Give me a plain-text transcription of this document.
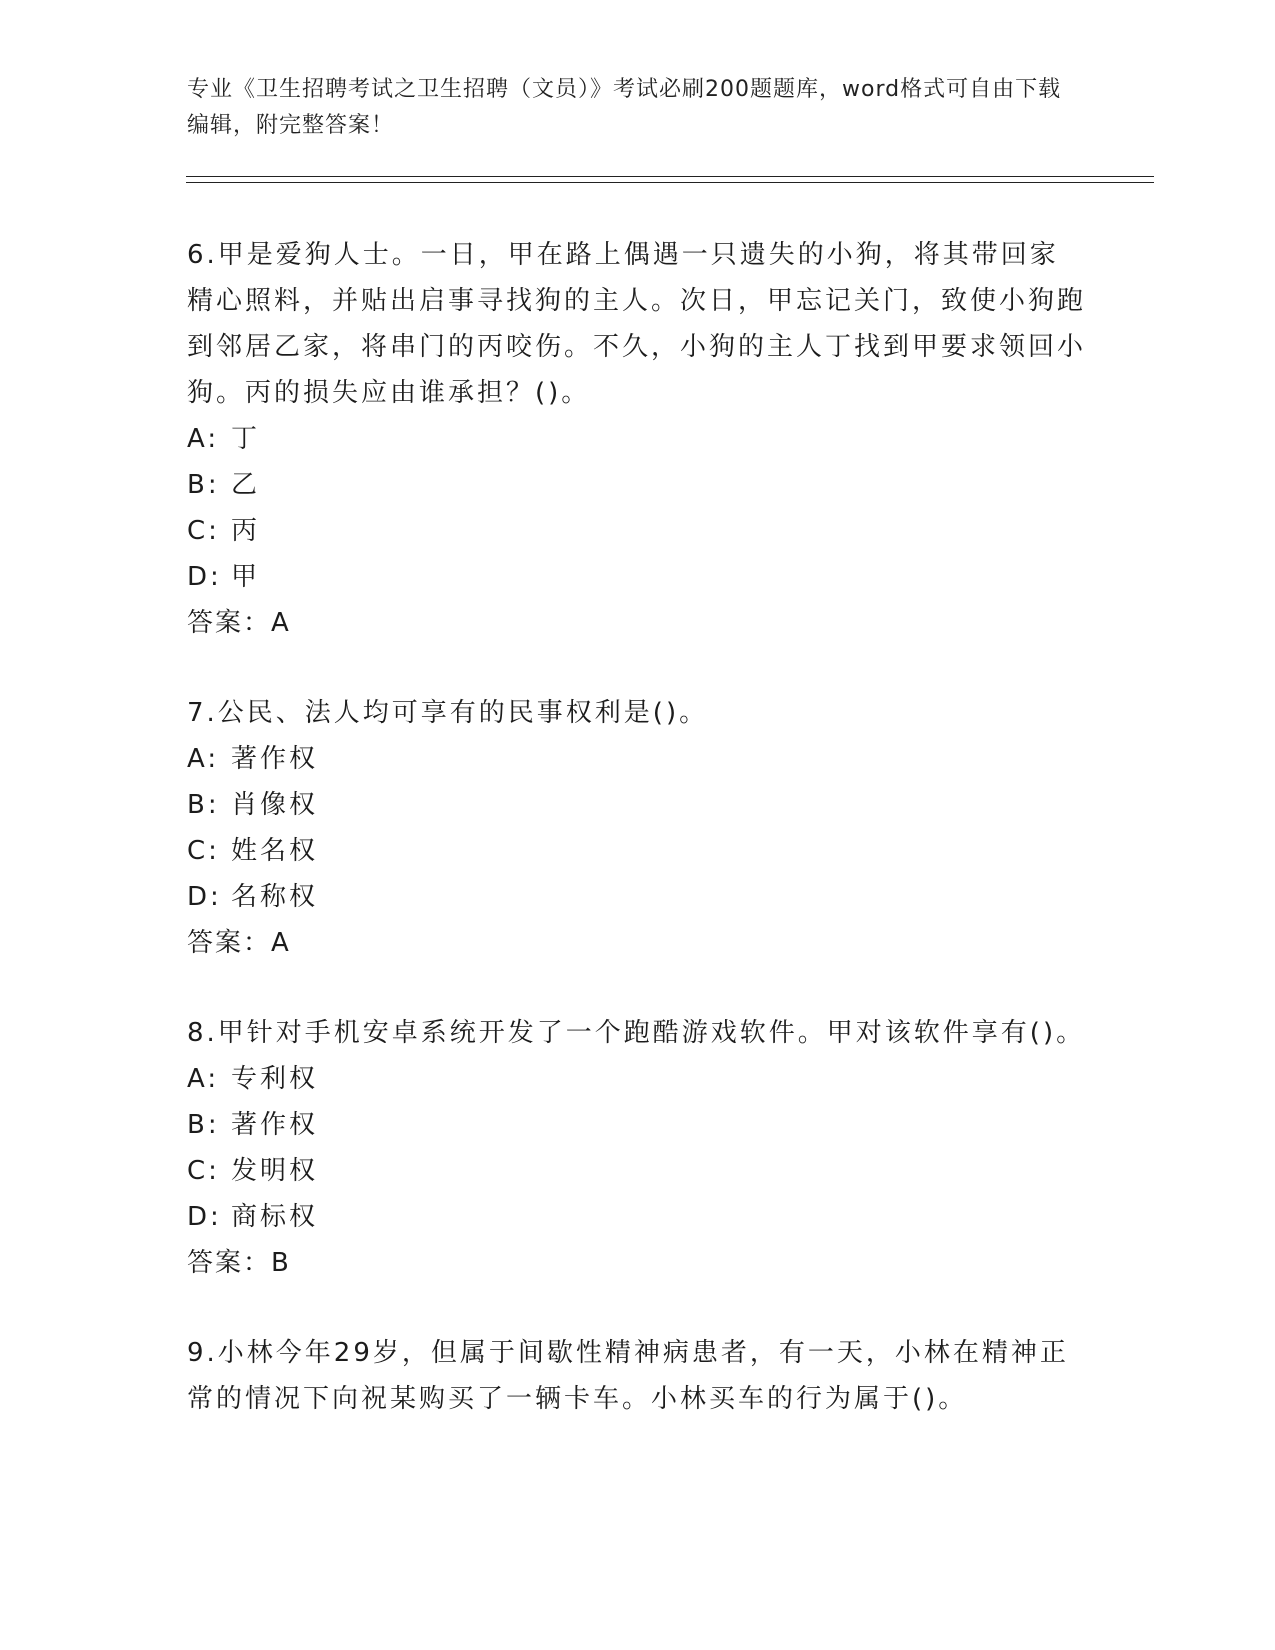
专业《卫生招聘考试之卫生招聘（文员）》考试必刷200题题库，word格式可自由下载编辑，附完整答案！

6.甲是爱狗人士。一日，甲在路上偶遇一只遗失的小狗，将其带回家精心照料，并贴出启事寻找狗的主人。次日，甲忘记关门，致使小狗跑到邻居乙家，将串门的丙咬伤。不久，小狗的主人丁找到甲要求领回小狗。丙的损失应由谁承担？()。

A: 丁

B: 乙

C: 丙

D: 甲

答案：A

7.公民、法人均可享有的民事权利是()。

A: 著作权

B: 肖像权

C: 姓名权

D: 名称权

答案：A

8.甲针对手机安卓系统开发了一个跑酷游戏软件。甲对该软件享有()。

A: 专利权

B: 著作权

C: 发明权

D: 商标权

答案：B

9.小林今年29岁，但属于间歇性精神病患者，有一天，小林在精神正常的情况下向祝某购买了一辆卡车。小林买车的行为属于()。
